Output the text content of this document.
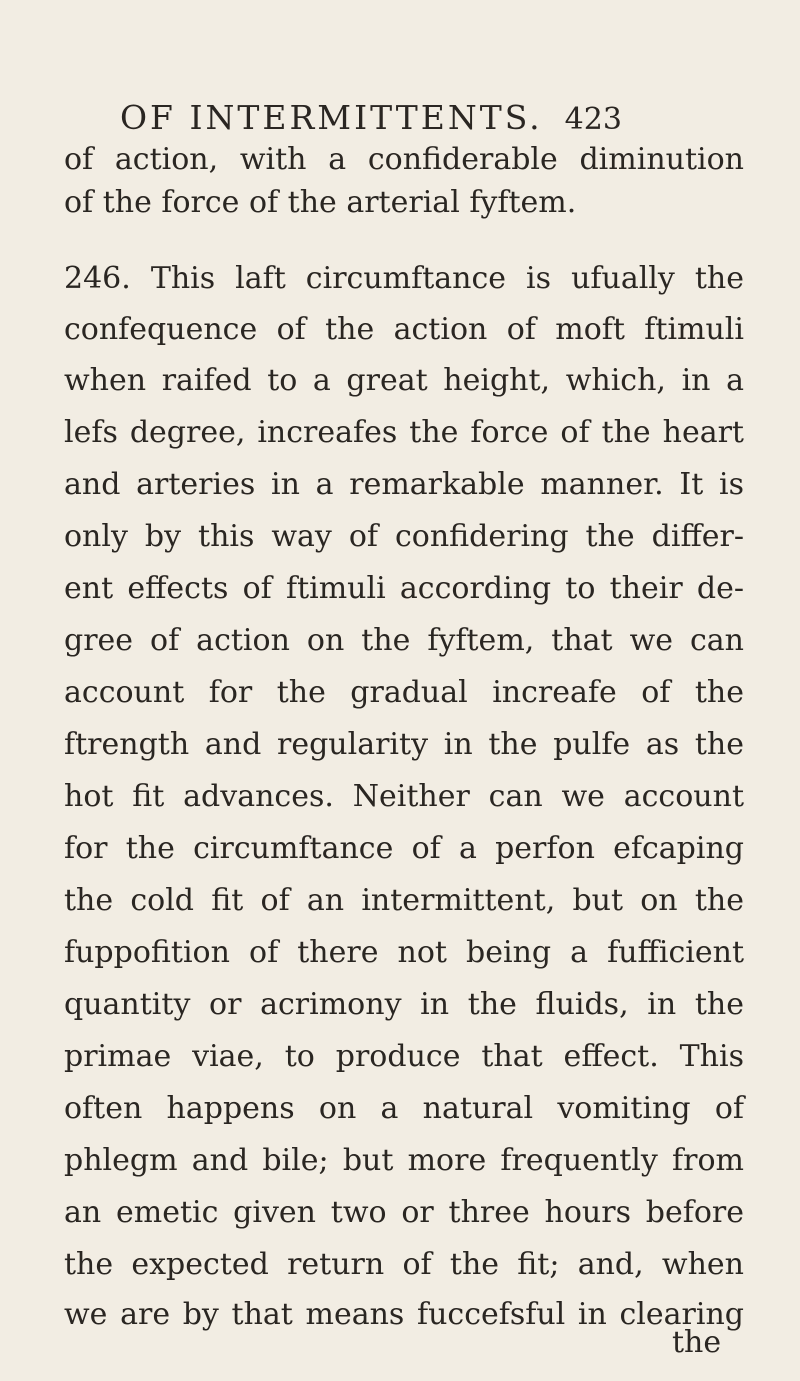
OF INTERMITTENTS. 423
of action, with a confiderable diminution
of the force of the arterial fyftem.
246. This laft circumftance is ufually the
confequence of the action of moft ftimuli
when raifed to a great height, which, in a
lefs degree, increafes the force of the heart
and arteries in a remarkable manner. It is
only by this way of confidering the differ-
ent effects of ftimuli according to their de-
gree of action on the fyftem, that we can
account for the gradual increafe of the
ftrength and regularity in the pulfe as the
hot fit advances. Neither can we account
for the circumftance of a perfon efcaping
the cold fit of an intermittent, but on the
fuppofition of there not being a fufficient
quantity or acrimony in the fluids, in the
primae viae, to produce that effect. This
often happens on a natural vomiting of
phlegm and bile; but more frequently from
an emetic given two or three hours before
the expected return of the fit; and, when
we are by that means fuccefsful in clearing
the
